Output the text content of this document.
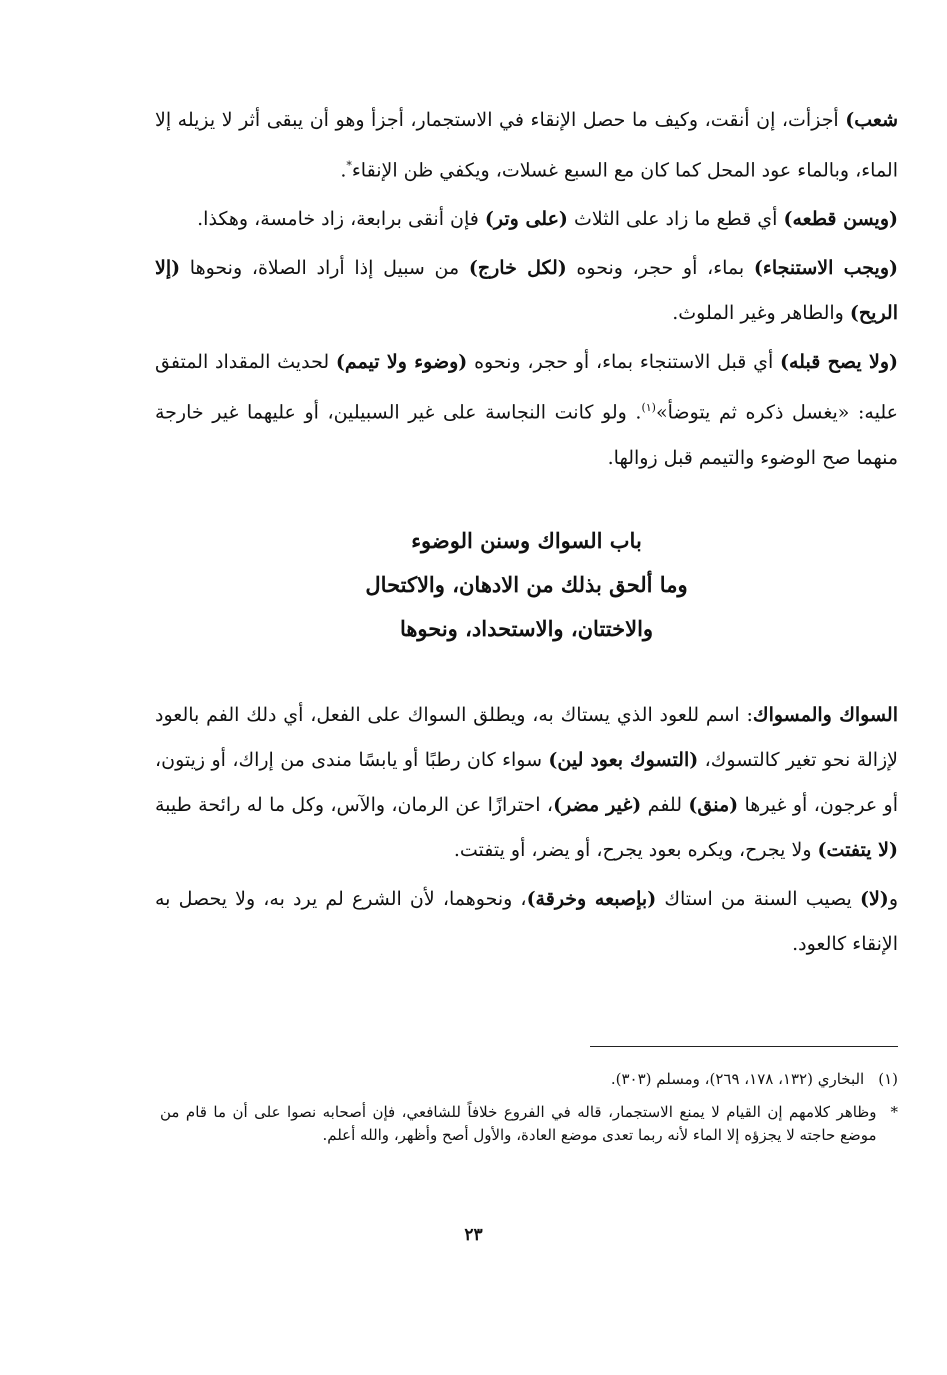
شعب) أجزأت، إن أنقت، وكيف ما حصل الإنقاء في الاستجمار، أجزأ وهو أن يبقى أثر لا يزيله إلا الماء، وبالماء عود المحل كما كان مع السبع غسلات، ويكفي ظن الإنقاء*.

(ويسن قطعه) أي قطع ما زاد على الثلاث (على وتر) فإن أنقى برابعة، زاد خامسة، وهكذا.

(ويجب الاستنجاء) بماء، أو حجر، ونحوه (لكل خارج) من سبيل إذا أراد الصلاة، ونحوها (إلا الريح) والطاهر وغير الملوث.

(ولا يصح قبله) أي قبل الاستنجاء بماء، أو حجر، ونحوه (وضوء ولا تيمم) لحديث المقداد المتفق عليه: «يغسل ذكره ثم يتوضأ»$^{(١)}$. ولو كانت النجاسة على غير السبيلين، أو عليهما غير خارجة منهما صح الوضوء والتيمم قبل زوالها.

باب السواك وسنن الوضوء
وما ألحق بذلك من الادهان، والاكتحال
والاختتان، والاستحداد، ونحوها

السواك والمسواك: اسم للعود الذي يستاك به، ويطلق السواك على الفعل، أي دلك الفم بالعود لإزالة نحو تغير كالتسوك، (التسوك بعود لين) سواء كان رطبًا أو يابسًا مندى من إراك، أو زيتون، أو عرجون، أو غيرها (منق) للفم (غير مضر)، احترازًا عن الرمان، والآس، وكل ما له رائحة طيبة (لا يتفتت) ولا يجرح، ويكره بعود يجرح، أو يضر، أو يتفتت.

و(لا) يصيب السنة من استاك (بإصبعه وخرقة)، ونحوهما، لأن الشرع لم يرد به، ولا يحصل به الإنقاء كالعود.

(١)
البخاري (١٣٢، ١٧٨، ٢٦٩)، ومسلم (٣٠٣).
*
وظاهر كلامهم إن القيام لا يمنع الاستجمار، قاله في الفروع خلافاً للشافعي، فإن أصحابه نصوا على أن ما قام من موضع حاجته لا يجزؤه إلا الماء لأنه ربما تعدى موضع العادة، والأول أصح وأظهر، والله أعلم.
٢٣
